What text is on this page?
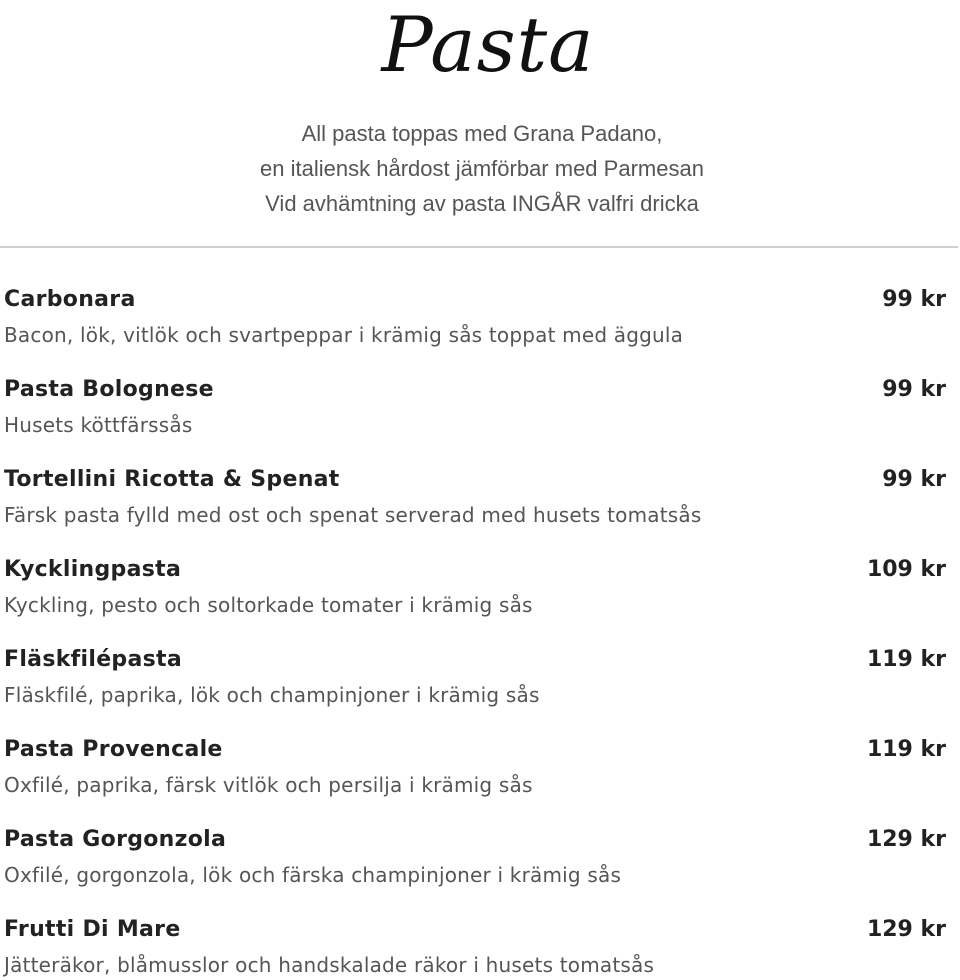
Pasta
All pasta toppas med Grana Padano,
en italiensk hårdost jämförbar med Parmesan
Vid avhämtning av pasta INGÅR valfri dricka
Carbonara
Bacon, lök, vitlök och svartpeppar i krämig sås toppat med äggula
99 kr
Pasta Bolognese
Husets köttfärssås
99 kr
Tortellini Ricotta & Spenat
Färsk pasta fylld med ost och spenat serverad med husets tomatsås
99 kr
Kycklingpasta
Kyckling, pesto och soltorkade tomater i krämig sås
109 kr
Fläskfilépasta
Fläskfilé, paprika, lök och champinjoner i krämig sås
119 kr
Pasta Provencale
Oxfilé, paprika, färsk vitlök och persilja i krämig sås
119 kr
Pasta Gorgonzola
Oxfilé, gorgonzola, lök och färska champinjoner i krämig sås
129 kr
Frutti Di Mare
Jätteräkor, blåmusslor och handskalade räkor i husets tomatsås
129 kr
